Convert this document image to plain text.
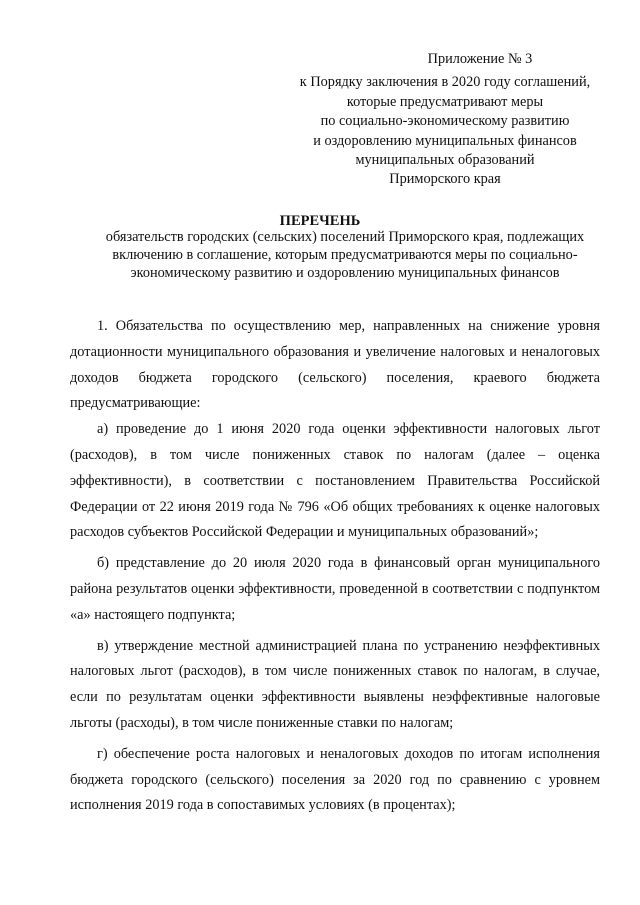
Приложение № 3
к Порядку заключения в 2020 году соглашений,
которые предусматривают меры
по социально-экономическому развитию
и оздоровлению муниципальных финансов
муниципальных образований
Приморского края
ПЕРЕЧЕНЬ
обязательств городских (сельских) поселений Приморского края, подлежащих
включению в соглашение, которым предусматриваются меры по социально-
экономическому развитию и оздоровлению муниципальных финансов

1. Обязательства по осуществлению мер, направленных на снижение уровня дотационности муниципального образования и увеличение налоговых и неналоговых доходов бюджета городского (сельского) поселения, краевого бюджета предусматривающие:

а) проведение до 1 июня 2020 года оценки эффективности налоговых льгот (расходов), в том числе пониженных ставок по налогам (далее – оценка эффективности), в соответствии с постановлением Правительства Российской Федерации от 22 июня 2019 года № 796 «Об общих требованиях к оценке налоговых расходов субъектов Российской Федерации и муниципальных образований»;

б) представление до 20 июля 2020 года в финансовый орган муниципального района результатов оценки эффективности, проведенной в соответствии с подпунктом «а» настоящего подпункта;

в) утверждение местной администрацией плана по устранению неэффективных налоговых льгот (расходов), в том числе пониженных ставок по налогам, в случае, если по результатам оценки эффективности выявлены неэффективные налоговые льготы (расходы), в том числе пониженные ставки по налогам;

г) обеспечение роста налоговых и неналоговых доходов по итогам исполнения бюджета городского (сельского) поселения за 2020 год по сравнению с уровнем исполнения 2019 года в сопоставимых условиях (в процентах);
